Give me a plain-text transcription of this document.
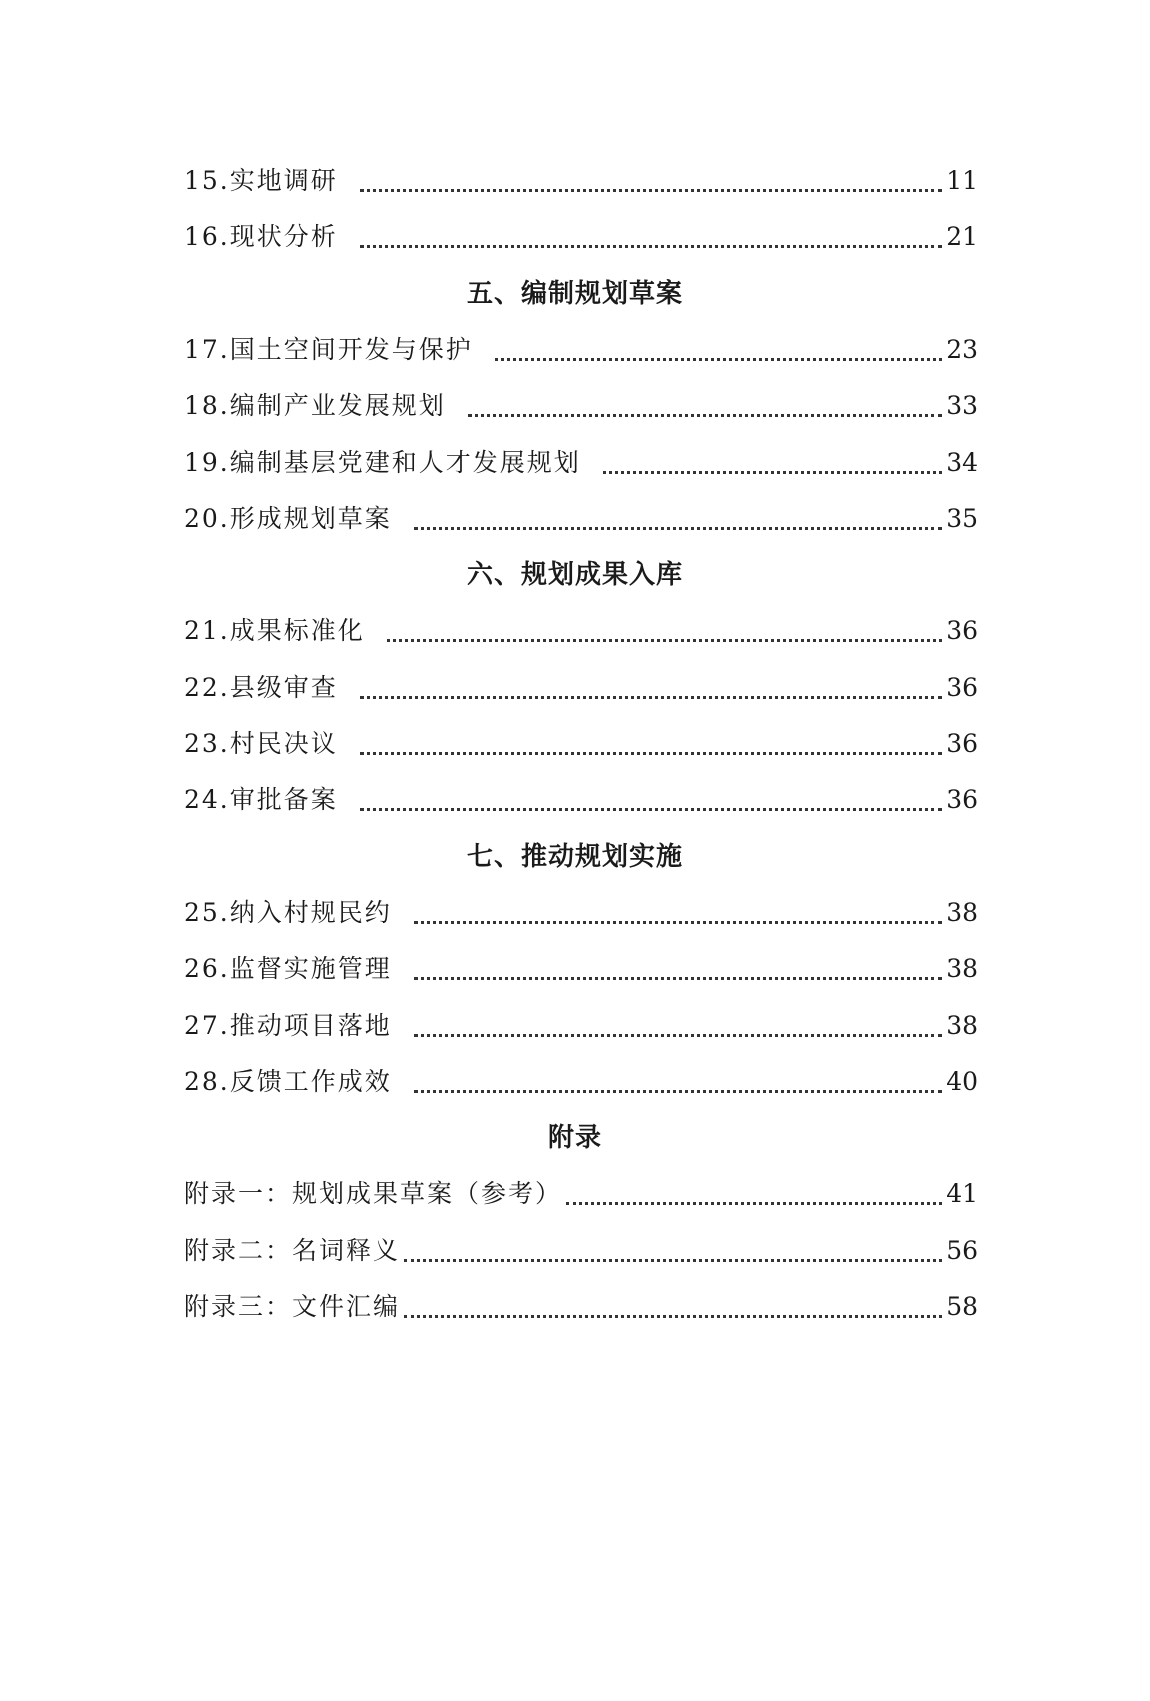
15.实地调研	11
16.现状分析	21
五、编制规划草案
17.国土空间开发与保护	23
18.编制产业发展规划	33
19.编制基层党建和人才发展规划	34
20.形成规划草案	35
六、规划成果入库
21.成果标准化	36
22.县级审查	36
23.村民决议	36
24.审批备案	36
七、推动规划实施
25.纳入村规民约	38
26.监督实施管理	38
27.推动项目落地	38
28.反馈工作成效	40
附录
附录一：规划成果草案（参考）	41
附录二：名词释义	56
附录三：文件汇编	58
